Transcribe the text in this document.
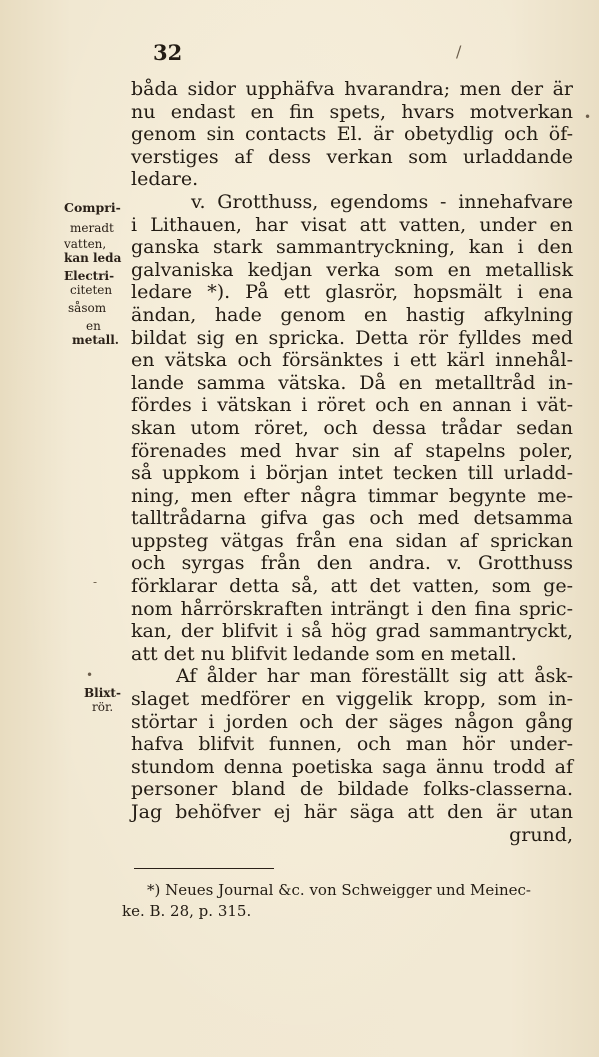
32	/
Compri-
meradt
vatten,
kan leda
Electri-
citeten
såsom
en
metall.
Blixt-
rör.
båda sidor upphäfva hvarandra; men der är
nu endast en fin spets, hvars motverkan
genom sin contacts El. är obetydlig och öf-
verstiges af dess verkan som urladdande
ledare.
v. Grotthuss, egendoms - innehafvare
i Lithauen, har visat att vatten, under en
ganska stark sammantryckning, kan i den
galvaniska kedjan verka som en metallisk
ledare *). På ett glasrör, hopsmält i ena
ändan, hade genom en hastig afkylning
bildat sig en spricka. Detta rör fylldes med
en vätska och försänktes i ett kärl innehål-
lande samma vätska. Då en metalltråd in-
fördes i vätskan i röret och en annan i vät-
skan utom röret, och dessa trådar sedan
förenades med hvar sin af stapelns poler,
så uppkom i början intet tecken till urladd-
ning, men efter några timmar begynte me-
talltrådarna gifva gas och med detsamma
uppsteg vätgas från ena sidan af sprickan
och syrgas från den andra. v. Grotthuss
förklarar detta så, att det vatten, som ge-
nom hårrörskraften inträngt i den fina spric-
kan, der blifvit i så hög grad sammantryckt,
att det nu blifvit ledande som en metall.
Af ålder har man föreställt sig att åsk-
slaget medförer en viggelik kropp, som in-
störtar i jorden och der säges någon gång
hafva blifvit funnen, och man hör under-
stundom denna poetiska saga ännu trodd af
personer bland de bildade folks-classerna.
Jag behöfver ej här säga att den är utan
grund,
*) Neues Journal &c. von Schweigger und Meinec-
ke. B. 28, p. 315.
•
-
•
